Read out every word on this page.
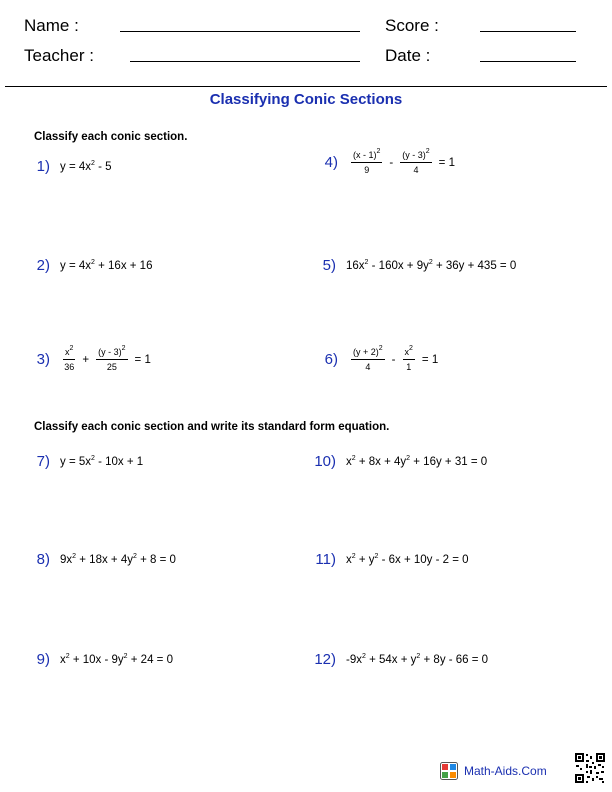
Name :	Score :
Teacher :	Date :
Classifying Conic Sections
Classify each conic section.
1) $y = 4x^2 - 5$	$4) \frac{(x - 1)^2}{9} - \frac{(y - 3)^2}{4} = 1$
2) $y = 4x^2 + 16x + 16$	5) $16x^2 - 160x + 9y^2 + 36y + 435 = 0$
$3) \frac{x^2}{36} + \frac{(y - 3)^2}{25} = 1$	$6) \frac{(y + 2)^2}{4} - \frac{x^2}{1} = 1$
Classify each conic section and write its standard form equation.
7) $y = 5x^2 - 10x + 1$	10) $x^2 + 8x + 4y^2 + 16y + 31 = 0$
8) $9x^2 + 18x + 4y^2 + 8 = 0$	11) $x^2 + y^2 - 6x + 10y - 2 = 0$
9) $x^2 + 10x - 9y^2 + 24 = 0$	12) $-9x^2 + 54x + y^2 + 8y - 66 = 0$
Math-Aids.Com
